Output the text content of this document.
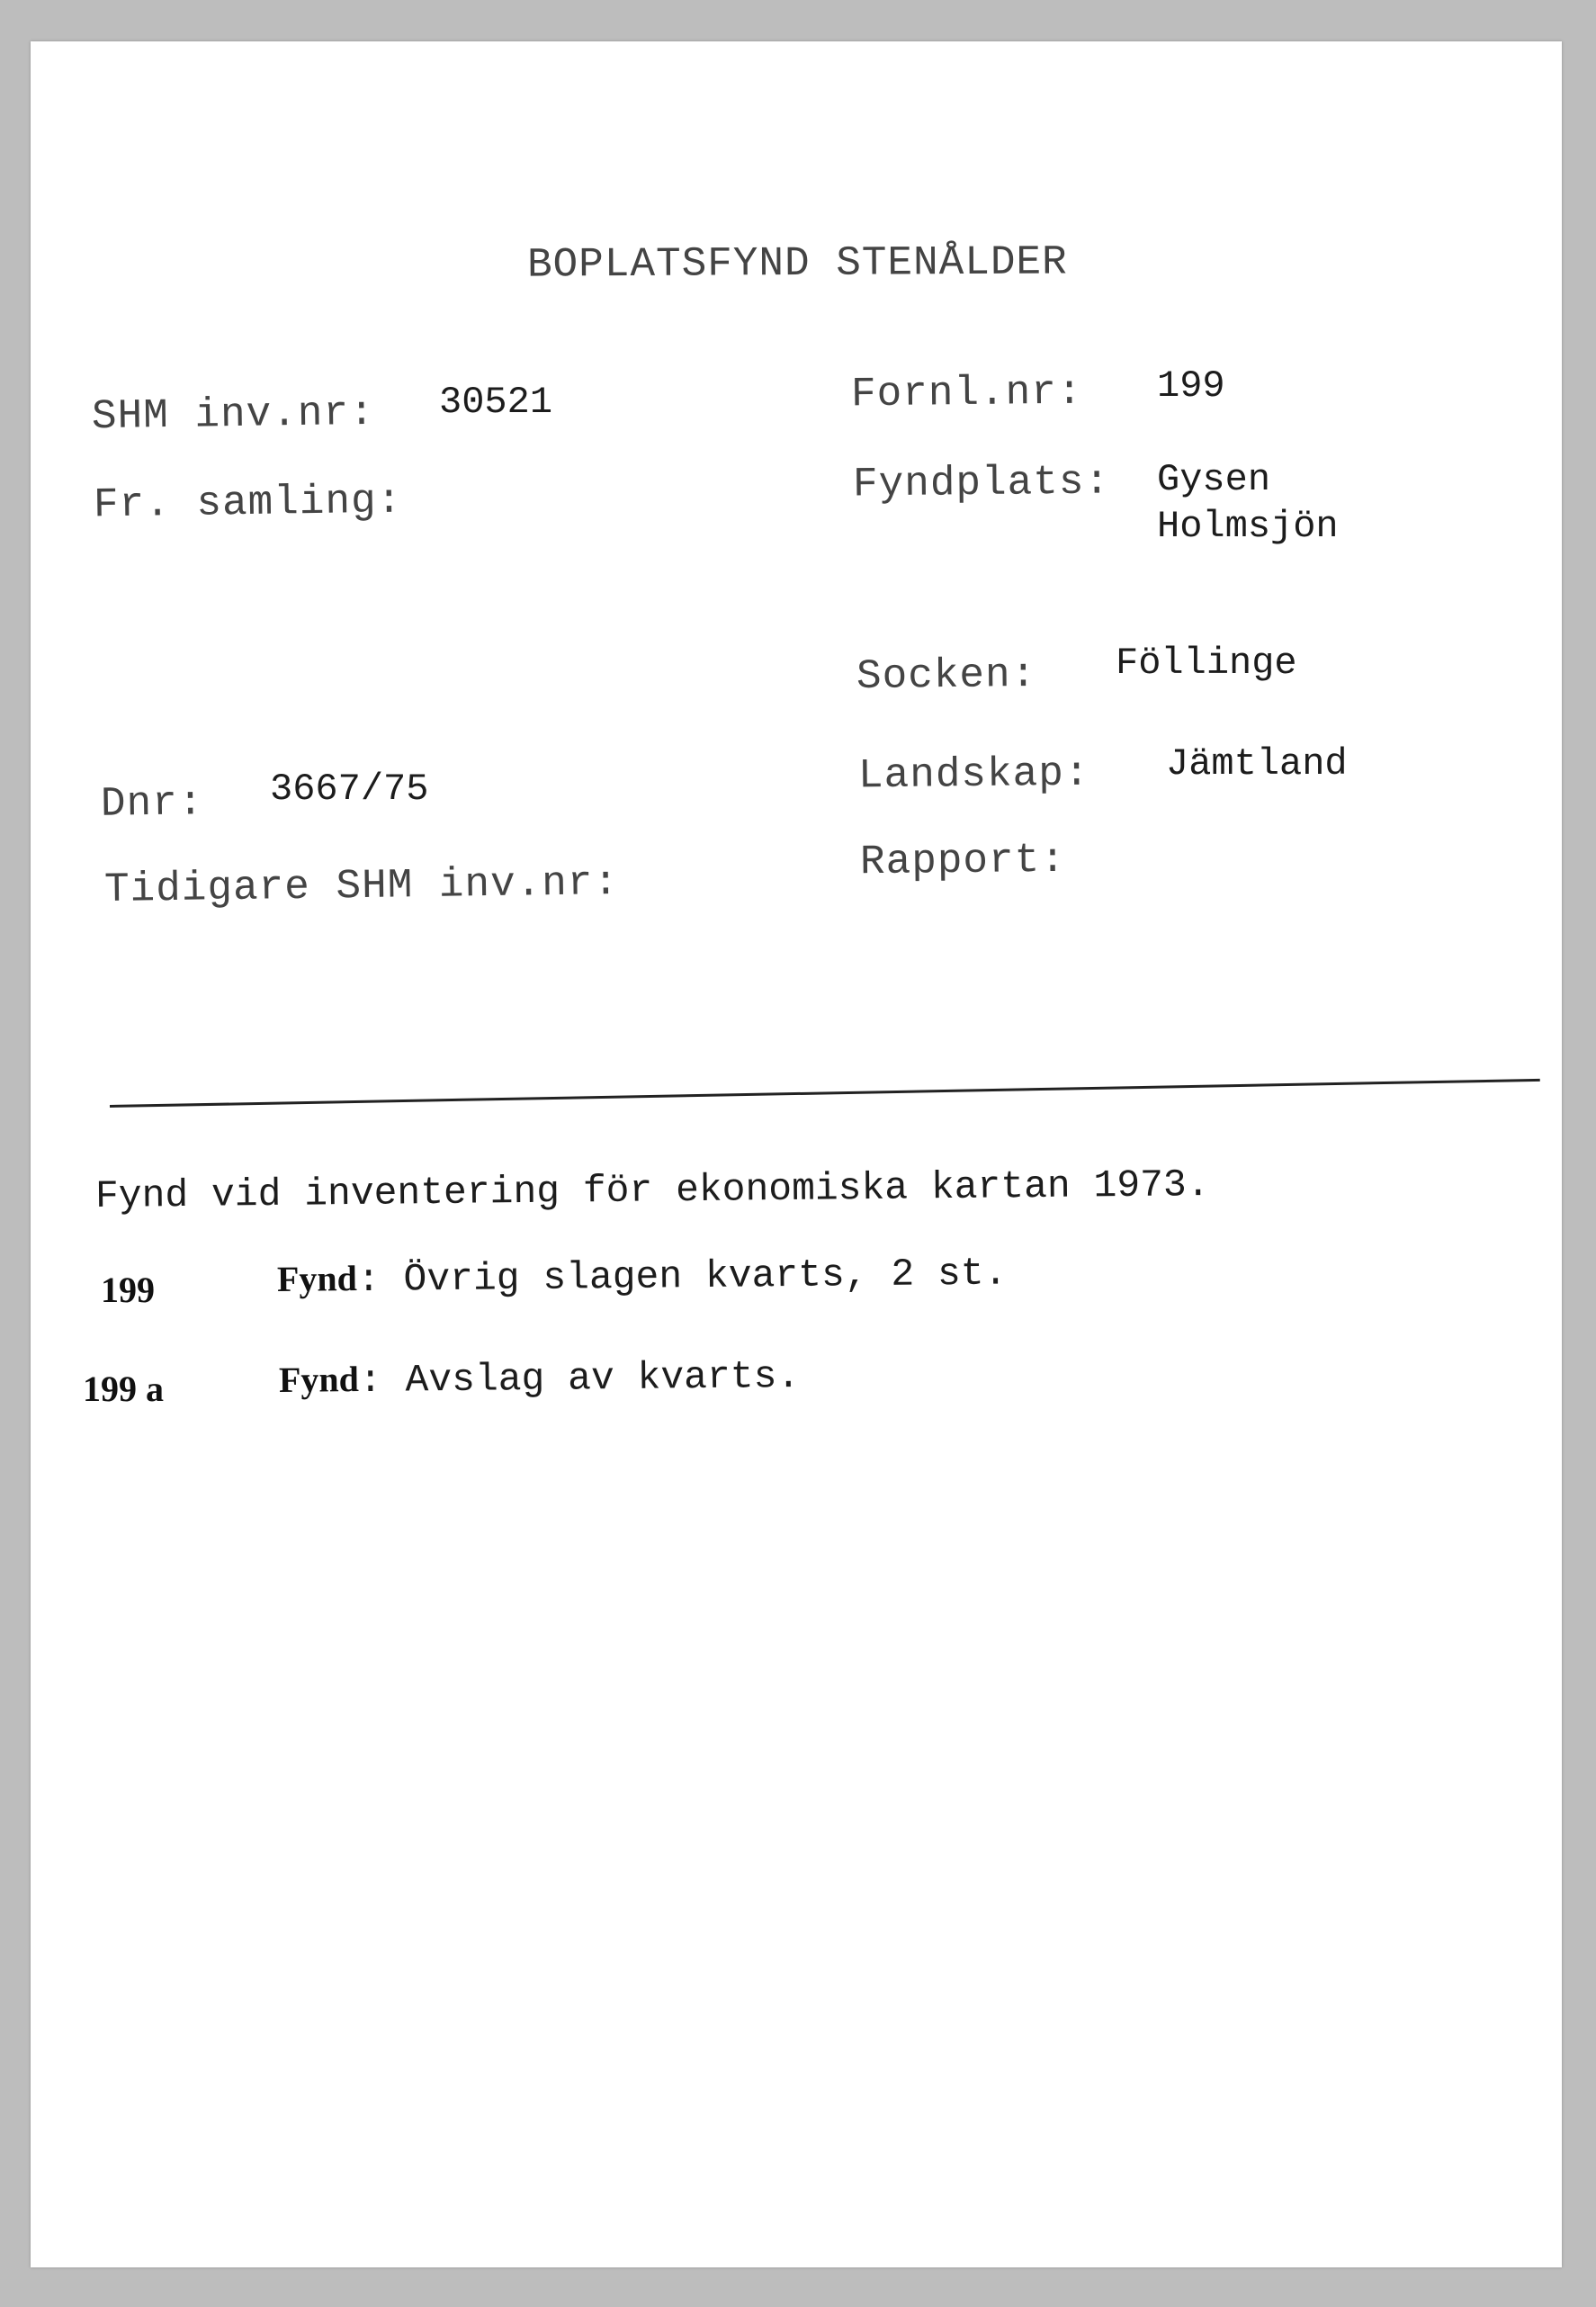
BOPLATSFYND STENÅLDER
SHM inv.nr: 30521
Fr. samling:
Dnr: 3667/75
Tidigare SHM inv.nr:
Fornl.nr: 199
Fyndplats: Gysen
Holmsjön
Socken: Föllinge
Landskap: Jämtland
Rapport:
Fynd vid inventering för ekonomiska kartan 1973.
199	Fynd: Övrig slagen kvarts, 2 st.
199 a	Fynd: Avslag av kvarts.
